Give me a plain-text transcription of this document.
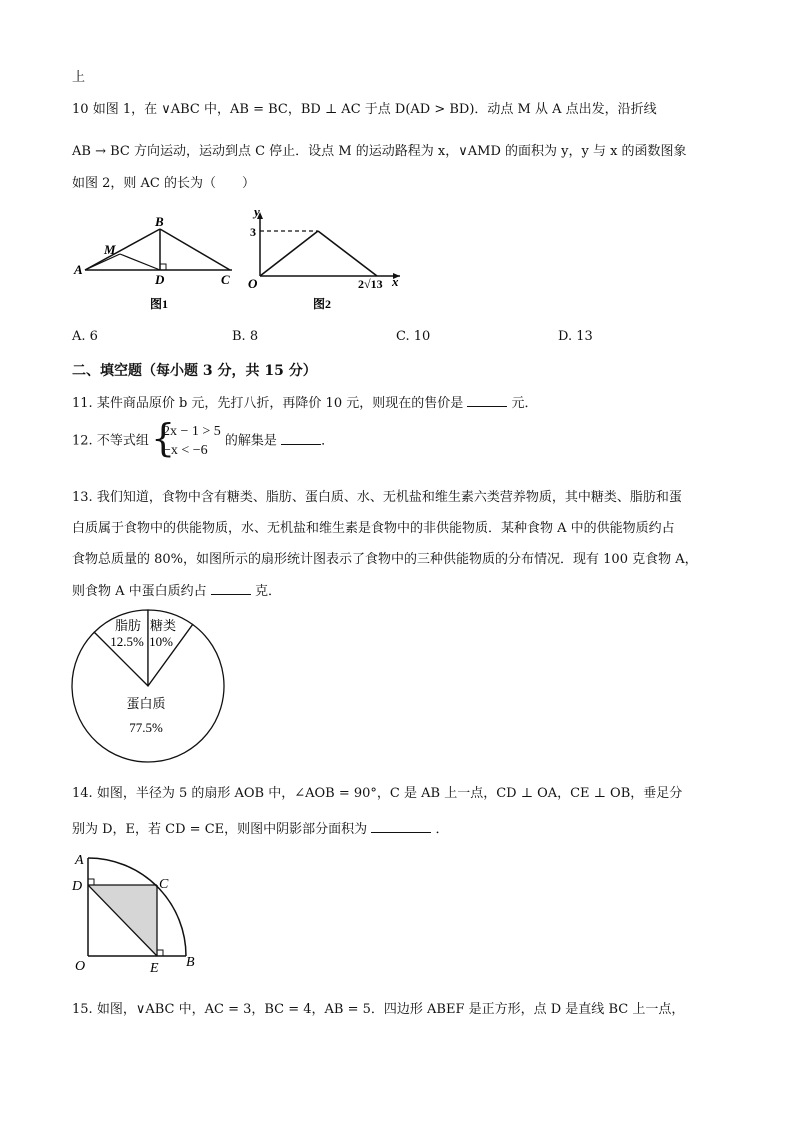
上
10 如图 1，在 ∨ABC 中，AB = BC，BD ⊥ AC 于点 D(AD > BD)．动点 M 从 A 点出发，沿折线
AB → BC 方向运动，运动到点 C 停止．设点 M 的运动路程为 x，∨AMD 的面积为 y，y 与 x 的函数图象
如图 2，则 AC 的长为（　　）
A
B
C
D
M
图1
y
x
O
3
2√13
图2
A. 6	B. 8	C. 10	D. 13
二、填空题（每小题 3 分，共 15 分）
11. 某件商品原价 b 元，先打八折，再降价 10 元，则现在的售价是	元．
12. 不等式组 {
2x − 1 > 5
−x < −6
的解集是	．
13. 我们知道，食物中含有糖类、脂肪、蛋白质、水、无机盐和维生素六类营养物质，其中糖类、脂肪和蛋
白质属于食物中的供能物质，水、无机盐和维生素是食物中的非供能物质．某种食物 A 中的供能物质约占
食物总质量的 80%，如图所示的扇形统计图表示了食物中的三种供能物质的分布情况．现有 100 克食物 A，
则食物 A 中蛋白质约占	克．
脂肪
12.5%
糖类
10%
蛋白质
77.5%
14. 如图，半径为 5 的扇形 AOB 中，∠AOB = 90°，C 是 AB 上一点，CD ⊥ OA，CE ⊥ OB，垂足分
别为 D，E，若 CD = CE，则图中阴影部分面积为	．
A
D	C
O	E B
15. 如图，∨ABC 中，AC = 3，BC = 4，AB = 5．四边形 ABEF 是正方形，点 D 是直线 BC 上一点，
